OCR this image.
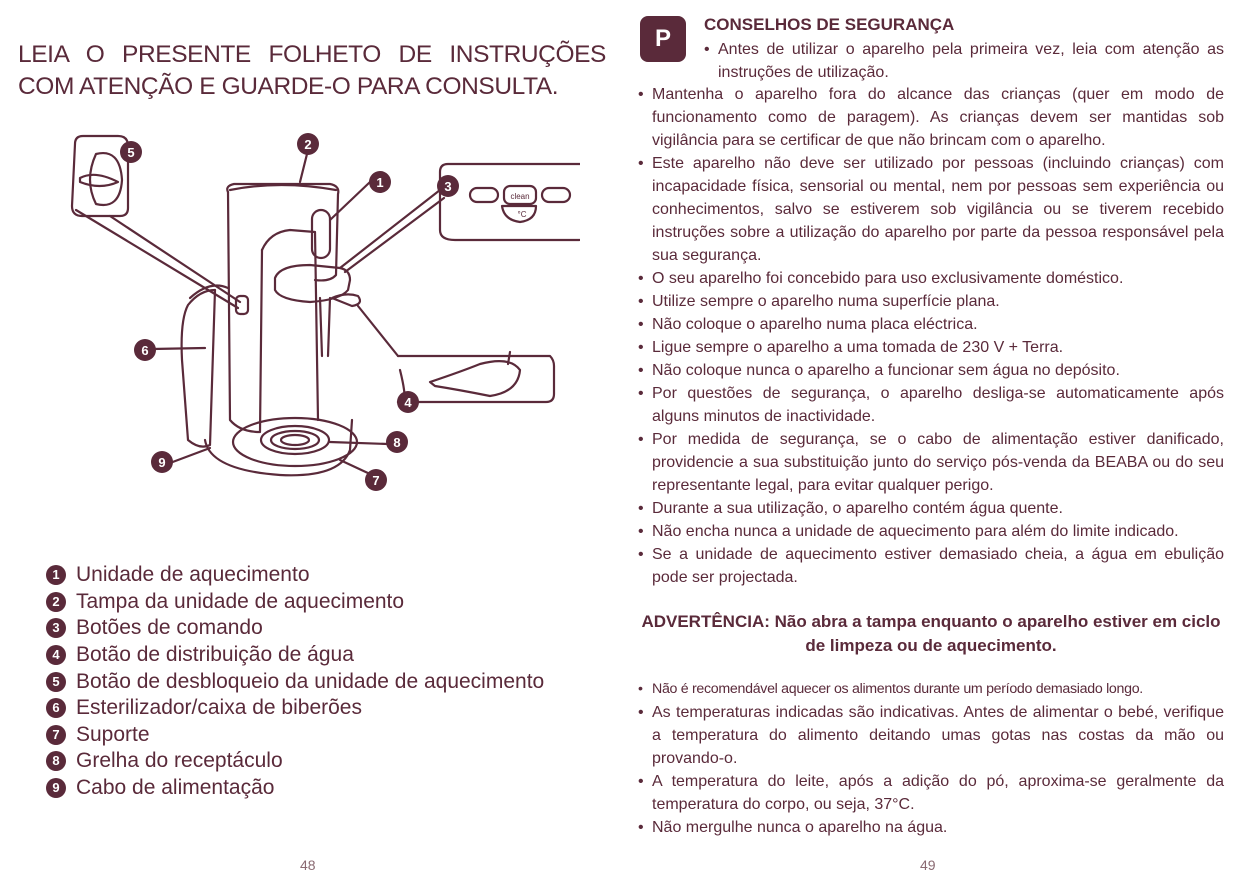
LEIA O PRESENTE FOLHETO DE INSTRUÇÕES COM ATENÇÃO E GUARDE-O PARA CONSULTA.

5
2
1	3
6
4
8
9
7
clean
°C
1 Unidade de aquecimento
2 Tampa da unidade de aquecimento
3 Botões de comando
4 Botão de distribuição de água
5 Botão de desbloqueio da unidade de aquecimento
6 Esterilizador/caixa de biberões
7 Suporte
8 Grelha do receptáculo
9 Cabo de alimentação
48
P
CONSELHOS DE SEGURANÇA
• Antes de utilizar o aparelho pela primeira vez, leia com atenção as instruções de utilização.
• Mantenha o aparelho fora do alcance das crianças (quer em modo de funcionamento como de paragem). As crianças devem ser mantidas sob vigilância para se certificar de que não brincam com o aparelho.
• Este aparelho não deve ser utilizado por pessoas (incluindo crianças) com incapacidade física, sensorial ou mental, nem por pessoas sem experiência ou conhecimentos, salvo se estiverem sob vigilância ou se tiverem recebido instruções sobre a utilização do aparelho por parte da pessoa responsável pela sua segurança.
• O seu aparelho foi concebido para uso exclusivamente doméstico.
• Utilize sempre o aparelho numa superfície plana.
• Não coloque o aparelho numa placa eléctrica.
• Ligue sempre o aparelho a uma tomada de 230 V + Terra.
• Não coloque nunca o aparelho a funcionar sem água no depósito.
• Por questões de segurança, o aparelho desliga-se automaticamente após alguns minutos de inactividade.
• Por medida de segurança, se o cabo de alimentação estiver danificado, providencie a sua substituição junto do serviço pós-venda da BEABA ou do seu representante legal, para evitar qualquer perigo.
• Durante a sua utilização, o aparelho contém água quente.
• Não encha nunca a unidade de aquecimento para além do limite indicado.
• Se a unidade de aquecimento estiver demasiado cheia, a água em ebulição pode ser projectada.

ADVERTÊNCIA: Não abra a tampa enquanto o aparelho estiver em ciclo de limpeza ou de aquecimento.

• Não é recomendável aquecer os alimentos durante um período demasiado longo.
• As temperaturas indicadas são indicativas. Antes de alimentar o bebé, verifique a temperatura do alimento deitando umas gotas nas costas da mão ou provando-o.
• A temperatura do leite, após a adição do pó, aproxima-se geralmente da temperatura do corpo, ou seja, 37°C.
• Não mergulhe nunca o aparelho na água.
49
